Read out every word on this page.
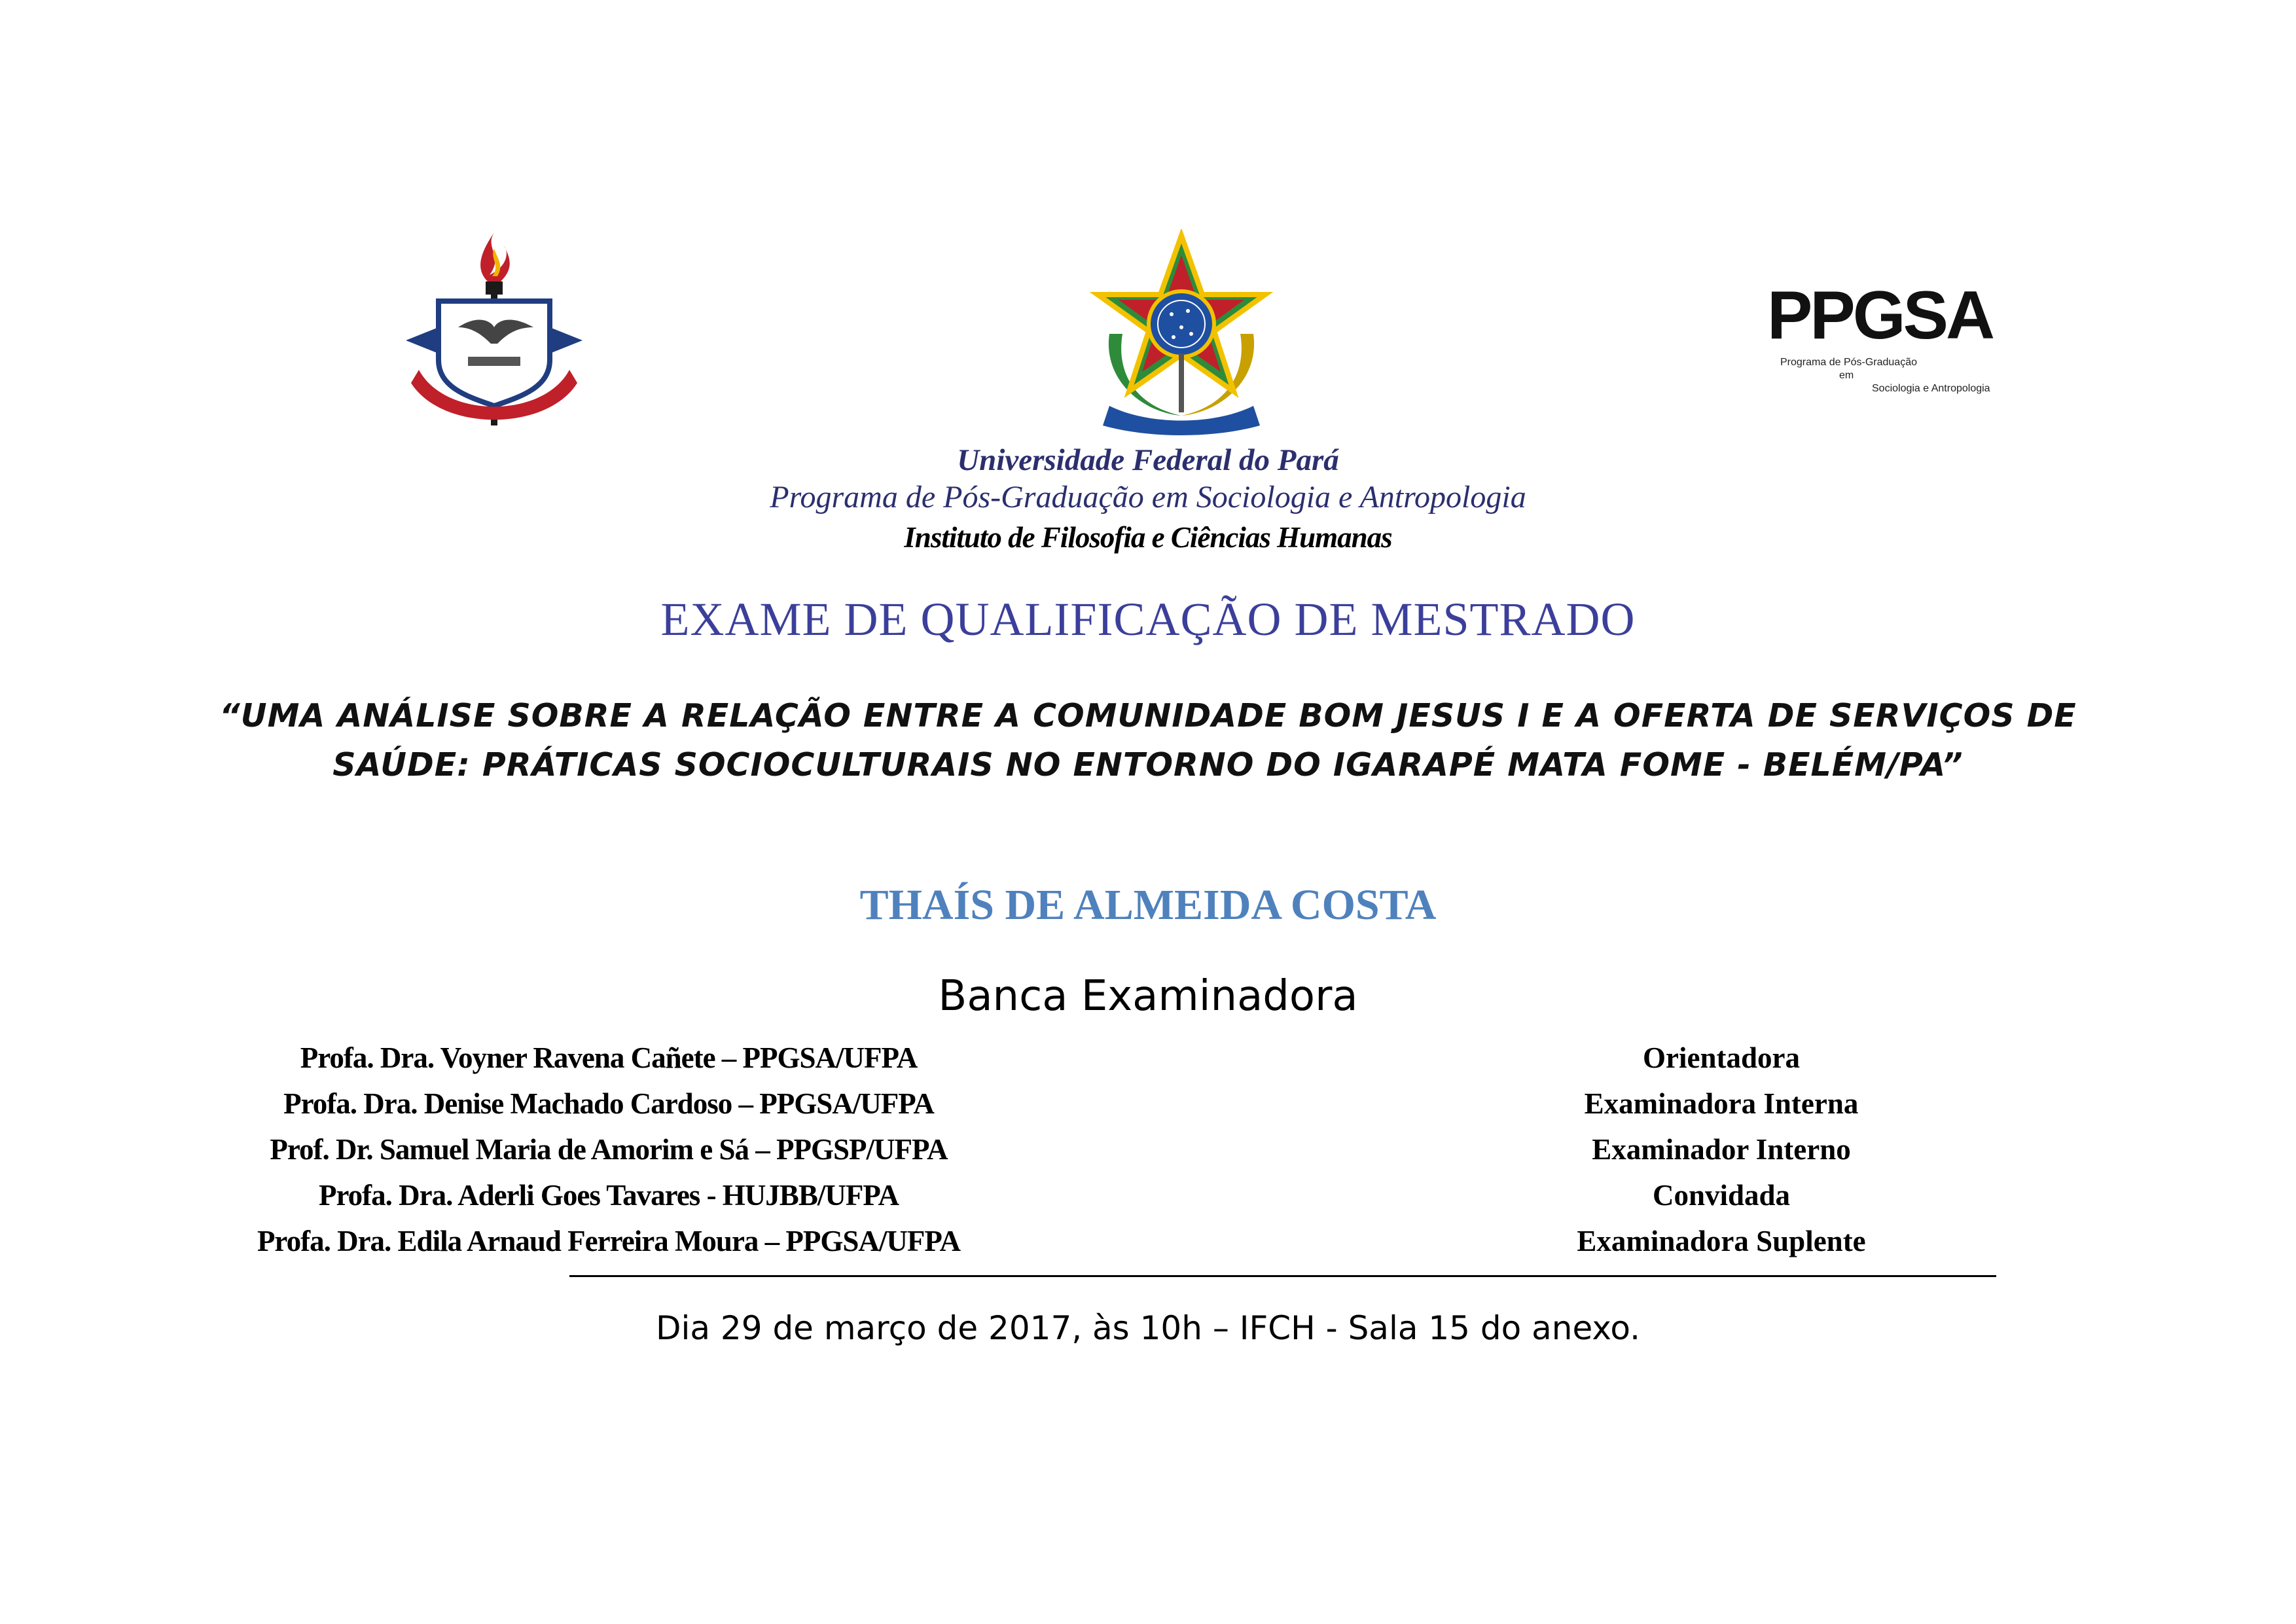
PPGSA
Programa de Pós-Graduação
em
Sociologia e Antropologia
Universidade Federal do Pará
Programa de Pós-Graduação em Sociologia e Antropologia
Instituto de Filosofia e Ciências Humanas
EXAME DE QUALIFICAÇÃO DE MESTRADO
“UMA ANÁLISE SOBRE A RELAÇÃO ENTRE A COMUNIDADE BOM JESUS I E A OFERTA DE SERVIÇOS DE
SAÚDE: PRÁTICAS SOCIOCULTURAIS NO ENTORNO DO IGARAPÉ MATA FOME - BELÉM/PA”
THAÍS DE ALMEIDA COSTA
Banca Examinadora
Profa. Dra. Voyner Ravena Cañete – PPGSA/UFPA	Orientadora
Profa. Dra. Denise Machado Cardoso – PPGSA/UFPA	Examinadora Interna
Prof. Dr. Samuel Maria de Amorim e Sá – PPGSP/UFPA	Examinador Interno
Profa. Dra. Aderli Goes Tavares - HUJBB/UFPA	Convidada
Profa. Dra. Edila Arnaud Ferreira Moura – PPGSA/UFPA	Examinadora Suplente
Dia 29 de março de 2017, às 10h – IFCH - Sala 15 do anexo.
